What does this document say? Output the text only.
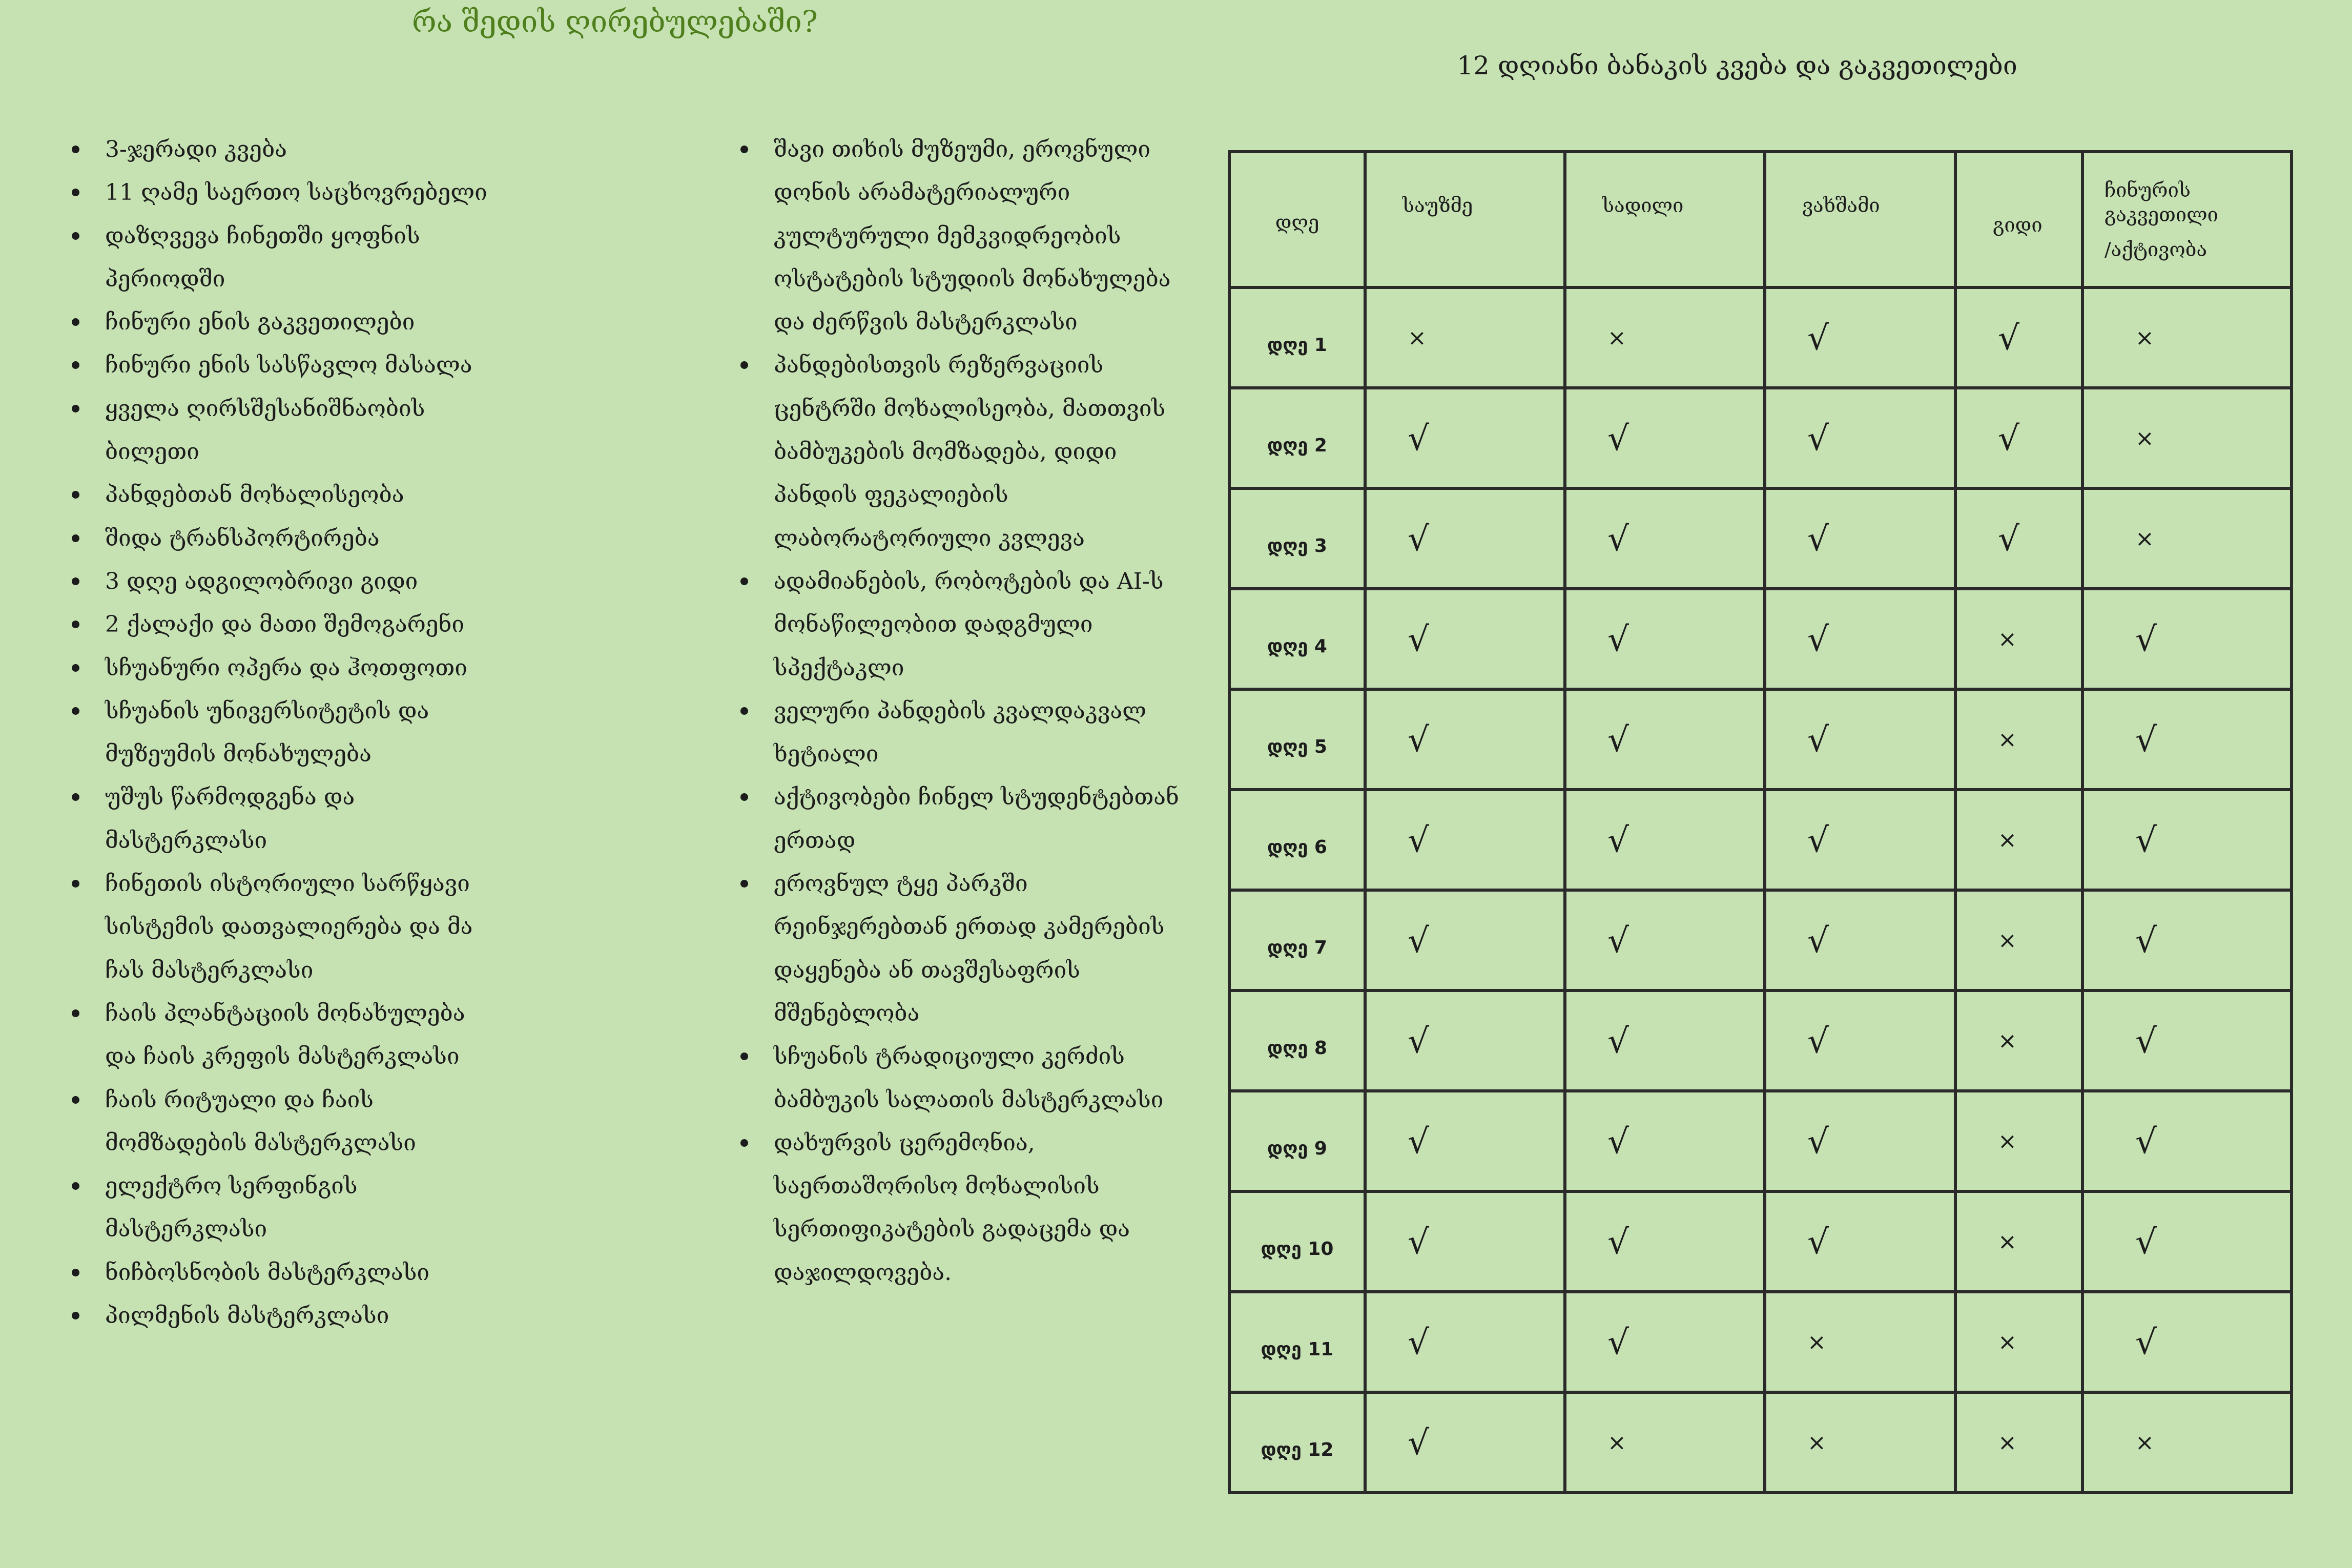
რა შედის ღირებულებაში?
12 დღიანი ბანაკის კვება და გაკვეთილები
3-ჯერადი კვება
11 ღამე საერთო საცხოვრებელი
დაზღვევა ჩინეთში ყოფნის პერიოდში
ჩინური ენის გაკვეთილები
ჩინური ენის სასწავლო მასალა
ყველა ღირსშესანიშნაობის ბილეთი
პანდებთან მოხალისეობა
შიდა ტრანსპორტირება
3 დღე ადგილობრივი გიდი
2 ქალაქი და მათი შემოგარენი
სჩუანური ოპერა და ჰოთფოთი
სჩუანის უნივერსიტეტის და მუზეუმის მონახულება
უშუს წარმოდგენა და მასტერკლასი
ჩინეთის ისტორიული სარწყავი სისტემის დათვალიერება და მა ჩას მასტერკლასი
ჩაის პლანტაციის მონახულება და ჩაის კრეფის მასტერკლასი
ჩაის რიტუალი და ჩაის მომზადების მასტერკლასი
ელექტრო სერფინგის მასტერკლასი
ნიჩბოსნობის მასტერკლასი
პილმენის მასტერკლასი
შავი თიხის მუზეუმი, ეროვნული დონის არამატერიალური კულტურული მემკვიდრეობის ოსტატების სტუდიის მონახულება და ძერწვის მასტერკლასი
პანდებისთვის რეზერვაციის ცენტრში მოხალისეობა, მათთვის ბამბუკების მომზადება, დიდი პანდის ფეკალიების ლაბორატორიული კვლევა
ადამიანების, რობოტების და AI-ს მონაწილეობით დადგმული სპექტაკლი
ველური პანდების კვალდაკვალ ხეტიალი
აქტივობები ჩინელ სტუდენტებთან ერთად
ეროვნულ ტყე პარკში რეინჯერებთან ერთად კამერების დაყენება ან თავშესაფრის მშენებლობა
სჩუანის ტრადიციული კერძის ბამბუკის სალათის მასტერკლასი
დახურვის ცერემონია, საერთაშორისო მოხალისის სერთიფიკატების გადაცემა და დაჯილდოვება.
დღე	საუზმე	სადილი	ვახშამი	გიდი	ჩინურის
გაკვეთილი
/აქტივობა

დღე 1	×	×	√	√	×
დღე 2	√	√	√	√	×
დღე 3	√	√	√	√	×
დღე 4	√	√	√	×	√
დღე 5	√	√	√	×	√
დღე 6	√	√	√	×	√
დღე 7	√	√	√	×	√
დღე 8	√	√	√	×	√
დღე 9	√	√	√	×	√
დღე 10	√	√	√	×	√
დღე 11	√	√	×	×	√
დღე 12	√	×	×	×	×
